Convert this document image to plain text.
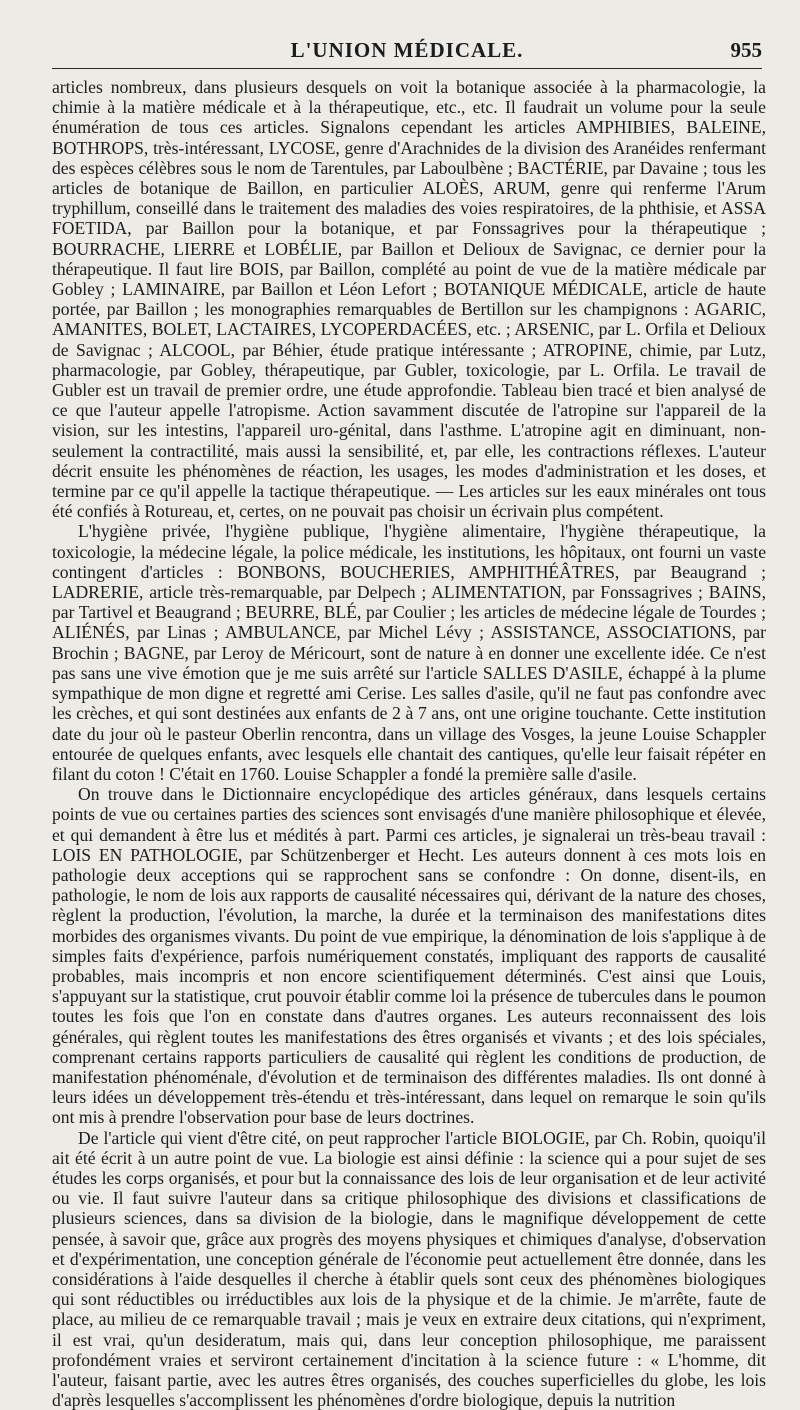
L'UNION MÉDICALE.	955

articles nombreux, dans plusieurs desquels on voit la botanique associée à la pharmacologie, la chimie à la matière médicale et à la thérapeutique, etc., etc. Il faudrait un volume pour la seule énumération de tous ces articles. Signalons cependant les articles AMPHIBIES, BALEINE, BOTHROPS, très-intéressant, LYCOSE, genre d'Arachnides de la division des Aranéides renfermant des espèces célèbres sous le nom de Tarentules, par Laboulbène ; BACTÉRIE, par Davaine ; tous les articles de botanique de Baillon, en particulier ALOÈS, ARUM, genre qui renferme l'Arum tryphillum, conseillé dans le traitement des maladies des voies respiratoires, de la phthisie, et ASSA FOETIDA, par Baillon pour la botanique, et par Fonssagrives pour la thérapeutique ; BOURRACHE, LIERRE et LOBÉLIE, par Baillon et Delioux de Savignac, ce dernier pour la thérapeutique. Il faut lire BOIS, par Baillon, complété au point de vue de la matière médicale par Gobley ; LAMINAIRE, par Baillon et Léon Lefort ; BOTANIQUE MÉDICALE, article de haute portée, par Baillon ; les monographies remarquables de Bertillon sur les champignons : AGARIC, AMANITES, BOLET, LACTAIRES, LYCOPERDACÉES, etc. ; ARSENIC, par L. Orfila et Delioux de Savignac ; ALCOOL, par Béhier, étude pratique intéressante ; ATROPINE, chimie, par Lutz, pharmacologie, par Gobley, thérapeutique, par Gubler, toxicologie, par L. Orfila. Le travail de Gubler est un travail de premier ordre, une étude approfondie. Tableau bien tracé et bien analysé de ce que l'auteur appelle l'atropisme. Action savamment discutée de l'atropine sur l'appareil de la vision, sur les intestins, l'appareil uro-génital, dans l'asthme. L'atropine agit en diminuant, non-seulement la contractilité, mais aussi la sensibilité, et, par elle, les contractions réflexes. L'auteur décrit ensuite les phénomènes de réaction, les usages, les modes d'administration et les doses, et termine par ce qu'il appelle la tactique thérapeutique. — Les articles sur les eaux minérales ont tous été confiés à Rotureau, et, certes, on ne pouvait pas choisir un écrivain plus compétent.

L'hygiène privée, l'hygiène publique, l'hygiène alimentaire, l'hygiène thérapeutique, la toxicologie, la médecine légale, la police médicale, les institutions, les hôpitaux, ont fourni un vaste contingent d'articles : BONBONS, BOUCHERIES, AMPHITHÉÂTRES, par Beaugrand ; LADRERIE, article très-remarquable, par Delpech ; ALIMENTATION, par Fonssagrives ; BAINS, par Tartivel et Beaugrand ; BEURRE, BLÉ, par Coulier ; les articles de médecine légale de Tourdes ; ALIÉNÉS, par Linas ; AMBULANCE, par Michel Lévy ; ASSISTANCE, ASSOCIATIONS, par Brochin ; BAGNE, par Leroy de Méricourt, sont de nature à en donner une excellente idée. Ce n'est pas sans une vive émotion que je me suis arrêté sur l'article SALLES D'ASILE, échappé à la plume sympathique de mon digne et regretté ami Cerise. Les salles d'asile, qu'il ne faut pas confondre avec les crèches, et qui sont destinées aux enfants de 2 à 7 ans, ont une origine touchante. Cette institution date du jour où le pasteur Oberlin rencontra, dans un village des Vosges, la jeune Louise Schappler entourée de quelques enfants, avec lesquels elle chantait des cantiques, qu'elle leur faisait répéter en filant du coton ! C'était en 1760. Louise Schappler a fondé la première salle d'asile.

On trouve dans le Dictionnaire encyclopédique des articles généraux, dans lesquels certains points de vue ou certaines parties des sciences sont envisagés d'une manière philosophique et élevée, et qui demandent à être lus et médités à part. Parmi ces articles, je signalerai un très-beau travail : LOIS EN PATHOLOGIE, par Schützenberger et Hecht. Les auteurs donnent à ces mots lois en pathologie deux acceptions qui se rapprochent sans se confondre : On donne, disent-ils, en pathologie, le nom de lois aux rapports de causalité nécessaires qui, dérivant de la nature des choses, règlent la production, l'évolution, la marche, la durée et la terminaison des manifestations dites morbides des organismes vivants. Du point de vue empirique, la dénomination de lois s'applique à de simples faits d'expérience, parfois numériquement constatés, impliquant des rapports de causalité probables, mais incompris et non encore scientifiquement déterminés. C'est ainsi que Louis, s'appuyant sur la statistique, crut pouvoir établir comme loi la présence de tubercules dans le poumon toutes les fois que l'on en constate dans d'autres organes. Les auteurs reconnaissent des lois générales, qui règlent toutes les manifestations des êtres organisés et vivants ; et des lois spéciales, comprenant certains rapports particuliers de causalité qui règlent les conditions de production, de manifestation phénoménale, d'évolution et de terminaison des différentes maladies. Ils ont donné à leurs idées un développement très-étendu et très-intéressant, dans lequel on remarque le soin qu'ils ont mis à prendre l'observation pour base de leurs doctrines.

De l'article qui vient d'être cité, on peut rapprocher l'article BIOLOGIE, par Ch. Robin, quoiqu'il ait été écrit à un autre point de vue. La biologie est ainsi définie : la science qui a pour sujet de ses études les corps organisés, et pour but la connaissance des lois de leur organisation et de leur activité ou vie. Il faut suivre l'auteur dans sa critique philosophique des divisions et classifications de plusieurs sciences, dans sa division de la biologie, dans le magnifique développement de cette pensée, à savoir que, grâce aux progrès des moyens physiques et chimiques d'analyse, d'observation et d'expérimentation, une conception générale de l'économie peut actuellement être donnée, dans les considérations à l'aide desquelles il cherche à établir quels sont ceux des phénomènes biologiques qui sont réductibles ou irréductibles aux lois de la physique et de la chimie. Je m'arrête, faute de place, au milieu de ce remarquable travail ; mais je veux en extraire deux citations, qui n'expriment, il est vrai, qu'un desideratum, mais qui, dans leur conception philosophique, me paraissent profondément vraies et serviront certainement d'incitation à la science future : « L'homme, dit l'auteur, faisant partie, avec les autres êtres organisés, des couches superficielles du globe, les lois d'après lesquelles s'accomplissent les phénomènes d'ordre biologique, depuis la nutrition
